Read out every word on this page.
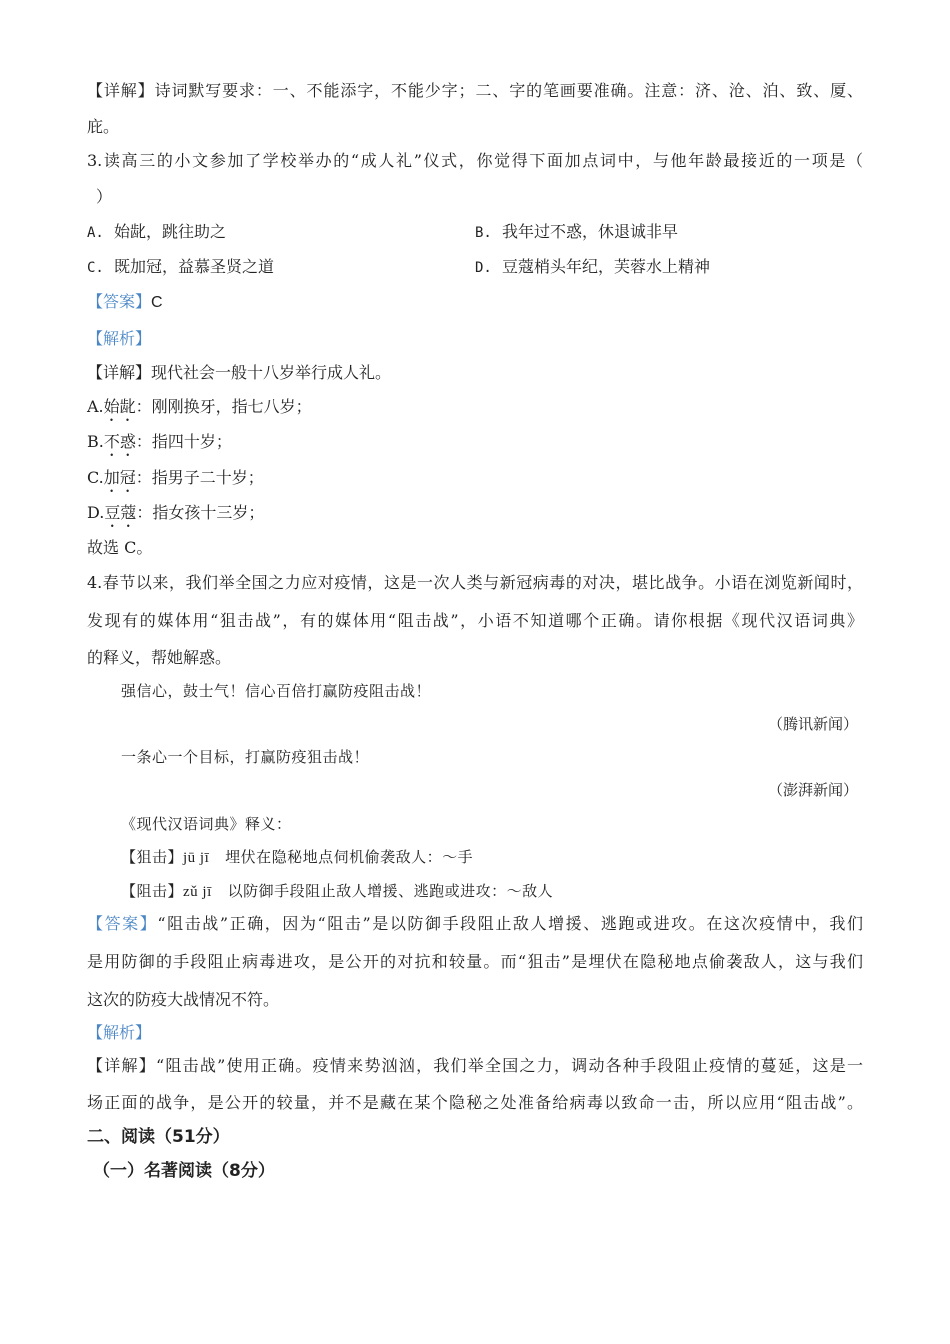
【详解】诗词默写要求：一、不能添字，不能少字；二、字的笔画要准确。注意：济、沧、泊、致、厦、
庇。
3.读高三的小文参加了学校举办的“成人礼”仪式，你觉得下面加点词中，与他年龄最接近的一项是（
）
A. 始龀，跳往助之	B. 我年过不惑，休退诚非早
C. 既加冠，益慕圣贤之道	D. 豆蔻梢头年纪，芙蓉水上精神
【答案】C
【解析】
【详解】现代社会一般十八岁举行成人礼。
A.始龀：刚刚换牙，指七八岁；
B.不惑：指四十岁；
C.加冠：指男子二十岁；
D.豆蔻：指女孩十三岁；
故选 C。
4.春节以来，我们举全国之力应对疫情，这是一次人类与新冠病毒的对决，堪比战争。小语在浏览新闻时，
发现有的媒体用“狙击战”，有的媒体用“阻击战”，小语不知道哪个正确。请你根据《现代汉语词典》
的释义，帮她解惑。
强信心，鼓士气！信心百倍打赢防疫阻击战！
（腾讯新闻）
一条心一个目标，打赢防疫狙击战！
（澎湃新闻）
《现代汉语词典》释义：
【狙击】jū jī 埋伏在隐秘地点伺机偷袭敌人：～手
【阻击】zǔ jī 以防御手段阻止敌人增援、逃跑或进攻：～敌人
【答案】“阻击战”正确，因为“阻击”是以防御手段阻止敌人增援、逃跑或进攻。在这次疫情中，我们
是用防御的手段阻止病毒进攻，是公开的对抗和较量。而“狙击”是埋伏在隐秘地点偷袭敌人，这与我们
这次的防疫大战情况不符。
【解析】
【详解】“阻击战”使用正确。疫情来势汹汹，我们举全国之力，调动各种手段阻止疫情的蔓延，这是一
场正面的战争，是公开的较量，并不是藏在某个隐秘之处准备给病毒以致命一击，所以应用“阻击战”。
二、阅读（51分）
（一）名著阅读（8分）
